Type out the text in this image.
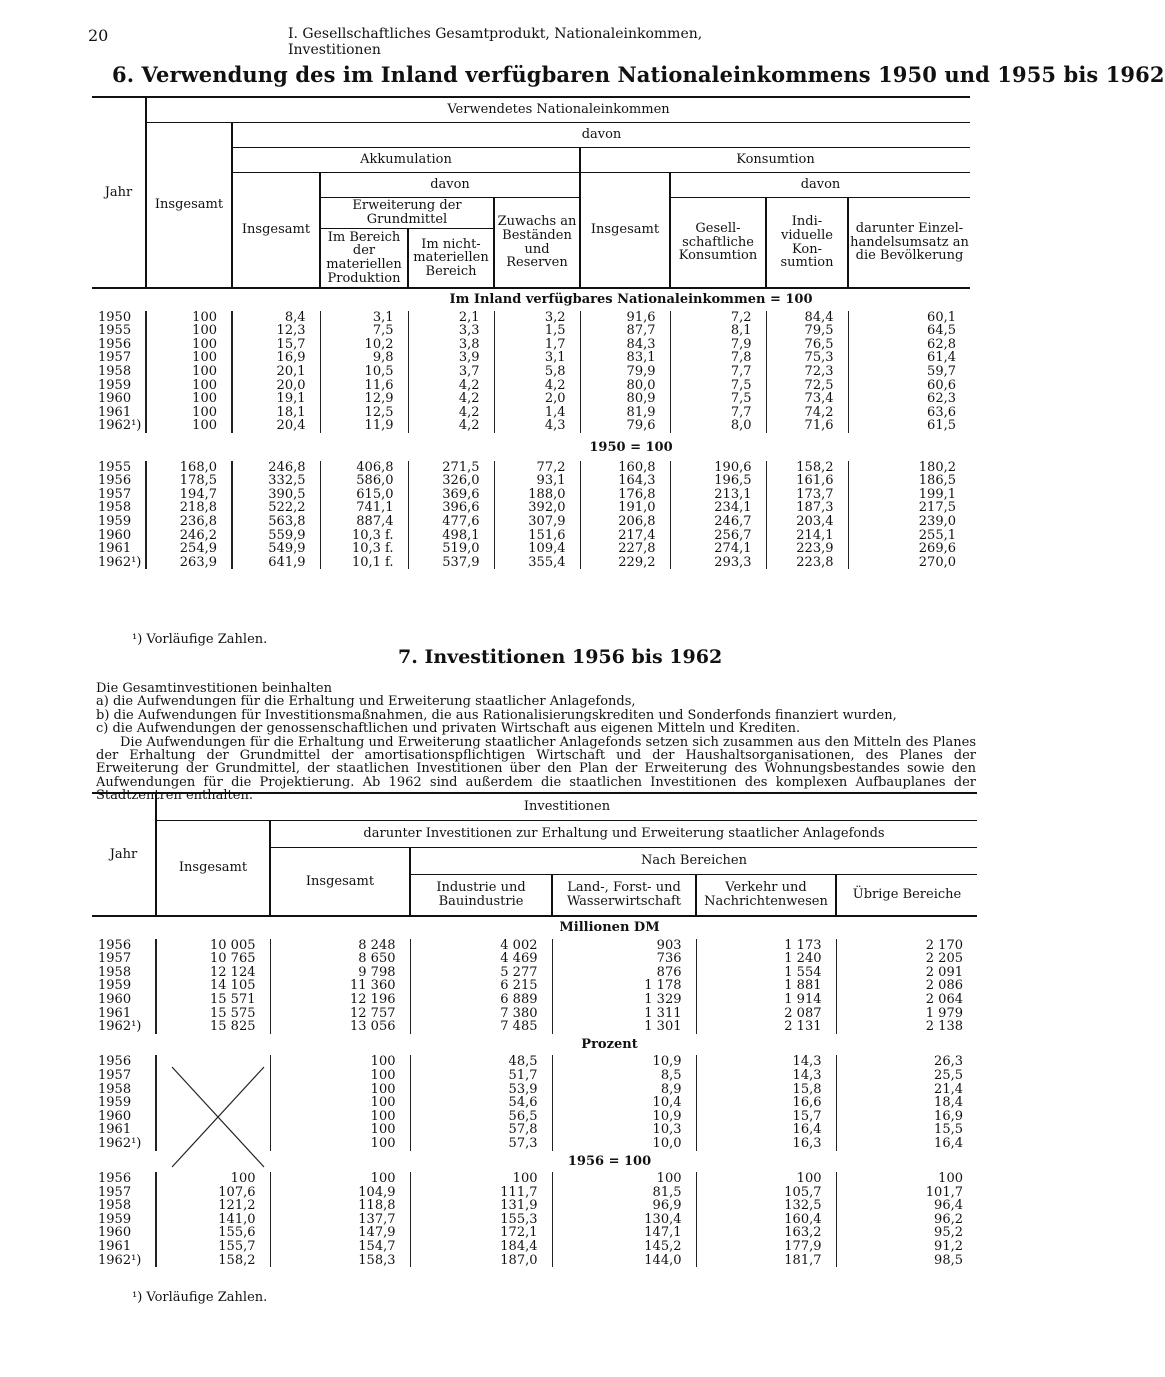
20	I. Gesellschaftliches Gesamtprodukt, Nationaleinkommen, Investitionen
6. Verwendung des im Inland verfügbaren Nationaleinkommens 1950 und 1955 bis 1962
Jahr	Verwendetes Nationaleinkommen								
	Insgesamt	davon							
		Akkumulation				Konsumtion			
		Insgesamt	davon			Insgesamt	davon		
			Erweiterung der Grundmittel		Zuwachs an Beständen und Reserven		Gesell-schaftliche Konsumtion	Indi-viduelle Kon-sumtion	darunter Einzel-handelsumsatz an die Bevölkerung
			Im Bereich der materiellen Produktion	Im nicht-materiellen Bereich					
Im Inland verfügbares Nationaleinkommen = 100									
1950	100	8,4	3,1	2,1	3,2	91,6	7,2	84,4	60,1
1955	100	12,3	7,5	3,3	1,5	87,7	8,1	79,5	64,5
1956	100	15,7	10,2	3,8	1,7	84,3	7,9	76,5	62,8
1957	100	16,9	9,8	3,9	3,1	83,1	7,8	75,3	61,4
1958	100	20,1	10,5	3,7	5,8	79,9	7,7	72,3	59,7
1959	100	20,0	11,6	4,2	4,2	80,0	7,5	72,5	60,6
1960	100	19,1	12,9	4,2	2,0	80,9	7,5	73,4	62,3
1961	100	18,1	12,5	4,2	1,4	81,9	7,7	74,2	63,6
1962¹)	100	20,4	11,9	4,2	4,3	79,6	8,0	71,6	61,5
1950 = 100									
1955	168,0	246,8	406,8	271,5	77,2	160,8	190,6	158,2	180,2
1956	178,5	332,5	586,0	326,0	93,1	164,3	196,5	161,6	186,5
1957	194,7	390,5	615,0	369,6	188,0	176,8	213,1	173,7	199,1
1958	218,8	522,2	741,1	396,6	392,0	191,0	234,1	187,3	217,5
1959	236,8	563,8	887,4	477,6	307,9	206,8	246,7	203,4	239,0
1960	246,2	559,9	10,3 f.	498,1	151,6	217,4	256,7	214,1	255,1
1961	254,9	549,9	10,3 f.	519,0	109,4	227,8	274,1	223,9	269,6
1962¹)	263,9	641,9	10,1 f.	537,9	355,4	229,2	293,3	223,8	270,0
¹) Vorläufige Zahlen.
7. Investitionen 1956 bis 1962

Die Gesamtinvestitionen beinhalten

a) die Aufwendungen für die Erhaltung und Erweiterung staatlicher Anlagefonds,

b) die Aufwendungen für Investitionsmaßnahmen, die aus Rationalisierungskrediten und Sonderfonds finanziert wurden,

c) die Aufwendungen der genossenschaftlichen und privaten Wirtschaft aus eigenen Mitteln und Krediten.

Die Aufwendungen für die Erhaltung und Erweiterung staatlicher Anlagefonds setzen sich zusammen aus den Mitteln des Planes der Erhaltung der Grundmittel der amortisationspflichtigen Wirtschaft und der Haushaltsorganisationen, des Planes der Erweiterung der Grundmittel, der staatlichen Investitionen über den Plan der Erweiterung des Wohnungsbestandes sowie den Aufwendungen für die Projektierung. Ab 1962 sind außerdem die staatlichen Investitionen des komplexen Aufbauplanes der Stadtzentren enthalten.

Jahr	Investitionen					
	Insgesamt	darunter Investitionen zur Erhaltung und Erweiterung staatlicher Anlagefonds				
		Insgesamt	Nach Bereichen			
			Industrie und Bauindustrie	Land-, Forst- und Wasserwirtschaft	Verkehr und Nachrichtenwesen	Übrige Bereiche
Millionen DM						
1956	10 005	8 248	4 002	903	1 173	2 170
1957	10 765	8 650	4 469	736	1 240	2 205
1958	12 124	9 798	5 277	876	1 554	2 091
1959	14 105	11 360	6 215	1 178	1 881	2 086
1960	15 571	12 196	6 889	1 329	1 914	2 064
1961	15 575	12 757	7 380	1 311	2 087	1 979
1962¹)	15 825	13 056	7 485	1 301	2 131	2 138
Prozent						
1956		100	48,5	10,9	14,3	26,3
1957		100	51,7	8,5	14,3	25,5
1958		100	53,9	8,9	15,8	21,4
1959		100	54,6	10,4	16,6	18,4
1960		100	56,5	10,9	15,7	16,9
1961		100	57,8	10,3	16,4	15,5
1962¹)		100	57,3	10,0	16,3	16,4
1956 = 100						
1956	100	100	100	100	100	100
1957	107,6	104,9	111,7	81,5	105,7	101,7
1958	121,2	118,8	131,9	96,9	132,5	96,4
1959	141,0	137,7	155,3	130,4	160,4	96,2
1960	155,6	147,9	172,1	147,1	163,2	95,2
1961	155,7	154,7	184,4	145,2	177,9	91,2
1962¹)	158,2	158,3	187,0	144,0	181,7	98,5
¹) Vorläufige Zahlen.
